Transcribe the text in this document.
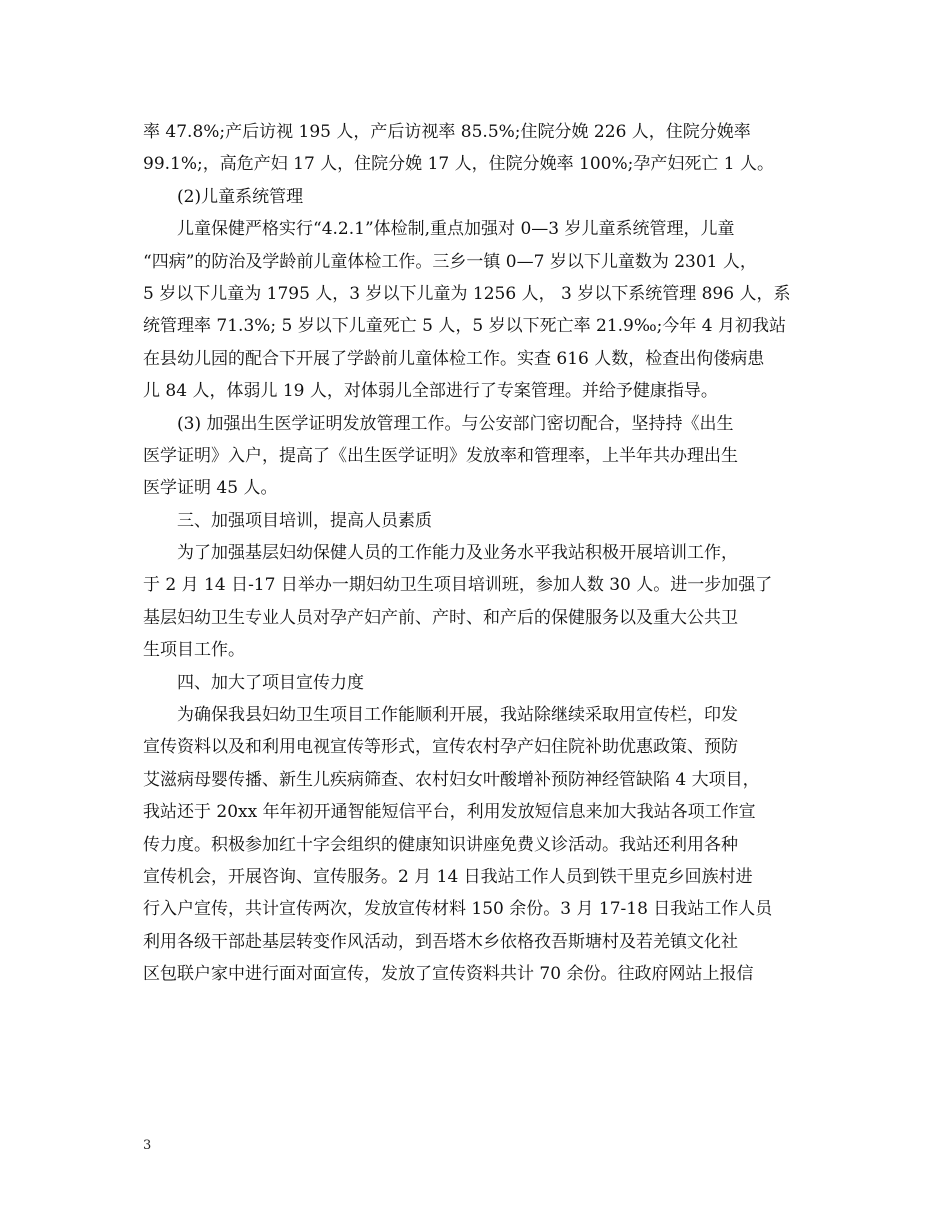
率 47.8%;产后访视 195 人，产后访视率 85.5%;住院分娩 226 人，住院分娩率
99.1%;，高危产妇 17 人，住院分娩 17 人，住院分娩率 100%;孕产妇死亡 1 人。
(2)儿童系统管理
儿童保健严格实行“4.2.1”体检制,重点加强对 0—3 岁儿童系统管理，儿童
“四病”的防治及学龄前儿童体检工作。三乡一镇 0—7 岁以下儿童数为 2301 人，
5 岁以下儿童为 1795 人，3 岁以下儿童为 1256 人， 3 岁以下系统管理 896 人，系
统管理率 71.3%; 5 岁以下儿童死亡 5 人，5 岁以下死亡率 21.9‰;今年 4 月初我站
在县幼儿园的配合下开展了学龄前儿童体检工作。实查 616 人数，检查出佝偻病患
儿 84 人，体弱儿 19 人，对体弱儿全部进行了专案管理。并给予健康指导。
(3) 加强出生医学证明发放管理工作。与公安部门密切配合，坚持持《出生
医学证明》入户，提高了《出生医学证明》发放率和管理率，上半年共办理出生
医学证明 45 人。
三、加强项目培训，提高人员素质
为了加强基层妇幼保健人员的工作能力及业务水平我站积极开展培训工作，
于 2 月 14 日-17 日举办一期妇幼卫生项目培训班，参加人数 30 人。进一步加强了
基层妇幼卫生专业人员对孕产妇产前、产时、和产后的保健服务以及重大公共卫
生项目工作。
四、加大了项目宣传力度
为确保我县妇幼卫生项目工作能顺利开展，我站除继续采取用宣传栏，印发
宣传资料以及和利用电视宣传等形式，宣传农村孕产妇住院补助优惠政策、预防
艾滋病母婴传播、新生儿疾病筛查、农村妇女叶酸增补预防神经管缺陷 4 大项目，
我站还于 20xx 年年初开通智能短信平台，利用发放短信息来加大我站各项工作宣
传力度。积极参加红十字会组织的健康知识讲座免费义诊活动。我站还利用各种
宣传机会，开展咨询、宣传服务。2 月 14 日我站工作人员到铁干里克乡回族村进
行入户宣传，共计宣传两次，发放宣传材料 150 余份。3 月 17-18 日我站工作人员
利用各级干部赴基层转变作风活动，到吾塔木乡依格孜吾斯塘村及若羌镇文化社
区包联户家中进行面对面宣传，发放了宣传资料共计 70 余份。往政府网站上报信
3
